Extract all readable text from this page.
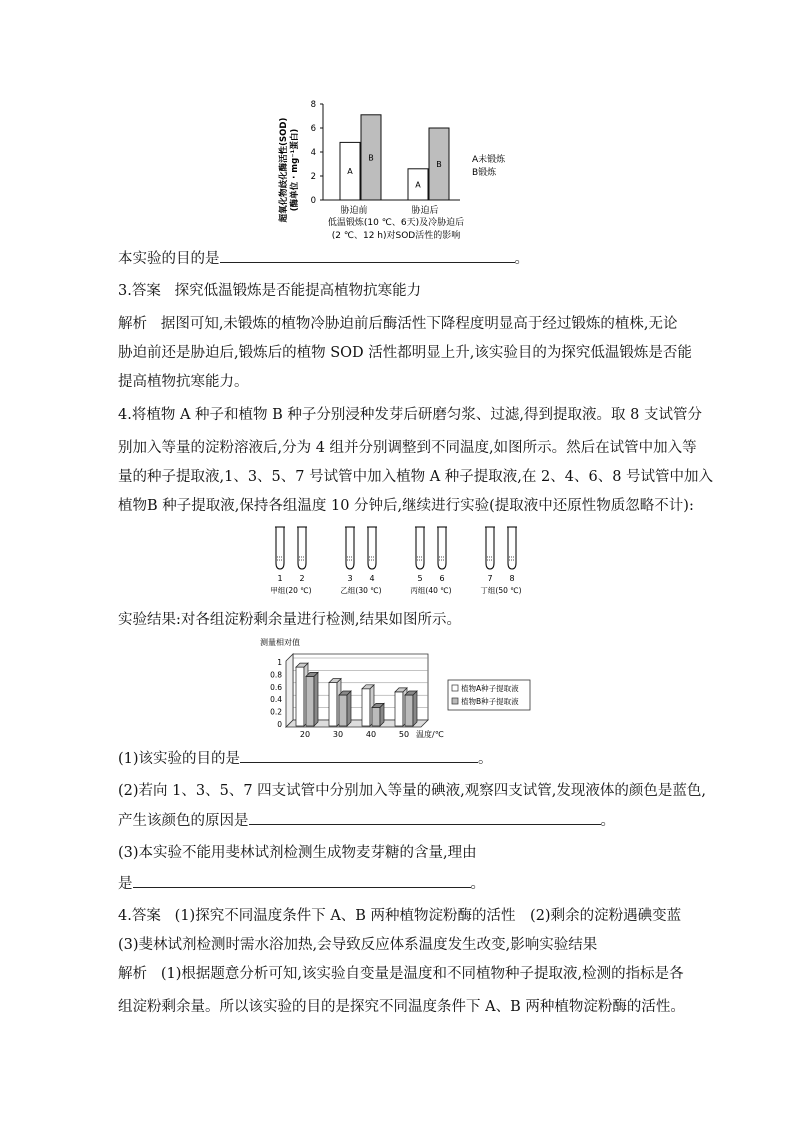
超氧化物歧化酶活性(SOD) (酶单位 · mg⁻¹蛋白) 0
2
4
6
8
A
B
A
B
胁迫前	胁迫后
A未锻炼
B锻炼
低温锻炼(10 ℃、6天)及冷胁迫后
(2 ℃、12 h)对SOD活性的影响
本实验的目的是	。
3.答案 探究低温锻炼是否能提高植物抗寒能力
解析 据图可知,未锻炼的植物冷胁迫前后酶活性下降程度明显高于经过锻炼的植株,无论
胁迫前还是胁迫后,锻炼后的植物 SOD 活性都明显上升,该实验目的为探究低温锻炼是否能
提高植物抗寒能力。
4.将植物 A 种子和植物 B 种子分别浸种发芽后研磨匀浆、过滤,得到提取液。取 8 支试管分
别加入等量的淀粉溶液后,分为 4 组并分别调整到不同温度,如图所示。然后在试管中加入等
量的种子提取液,1、3、5、7 号试管中加入植物 A 种子提取液,在 2、4、6、8 号试管中加入
植物B 种子提取液,保持各组温度 10 分钟后,继续进行实验(提取液中还原性物质忽略不计):
1 2
甲组(20 ℃)
3 4
乙组(30 ℃)
5 6
丙组(40 ℃)
7 8
丁组(50 ℃)
实验结果:对各组淀粉剩余量进行检测,结果如图所示。
测量相对值
0
0.2
0.4
0.6
0.8
1
20	30	40	50 温度/℃
植物A种子提取液
植物B种子提取液
(1)该实验的目的是	。
(2)若向 1、3、5、7 四支试管中分别加入等量的碘液,观察四支试管,发现液体的颜色是蓝色,
产生该颜色的原因是	。
(3)本实验不能用斐林试剂检测生成物麦芽糖的含量,理由
是	。
4.答案 (1)探究不同温度条件下 A、B 两种植物淀粉酶的活性　(2)剩余的淀粉遇碘变蓝
(3)斐林试剂检测时需水浴加热,会导致反应体系温度发生改变,影响实验结果
解析 (1)根据题意分析可知,该实验自变量是温度和不同植物种子提取液,检测的指标是各
组淀粉剩余量。所以该实验的目的是探究不同温度条件下 A、B 两种植物淀粉酶的活性。
